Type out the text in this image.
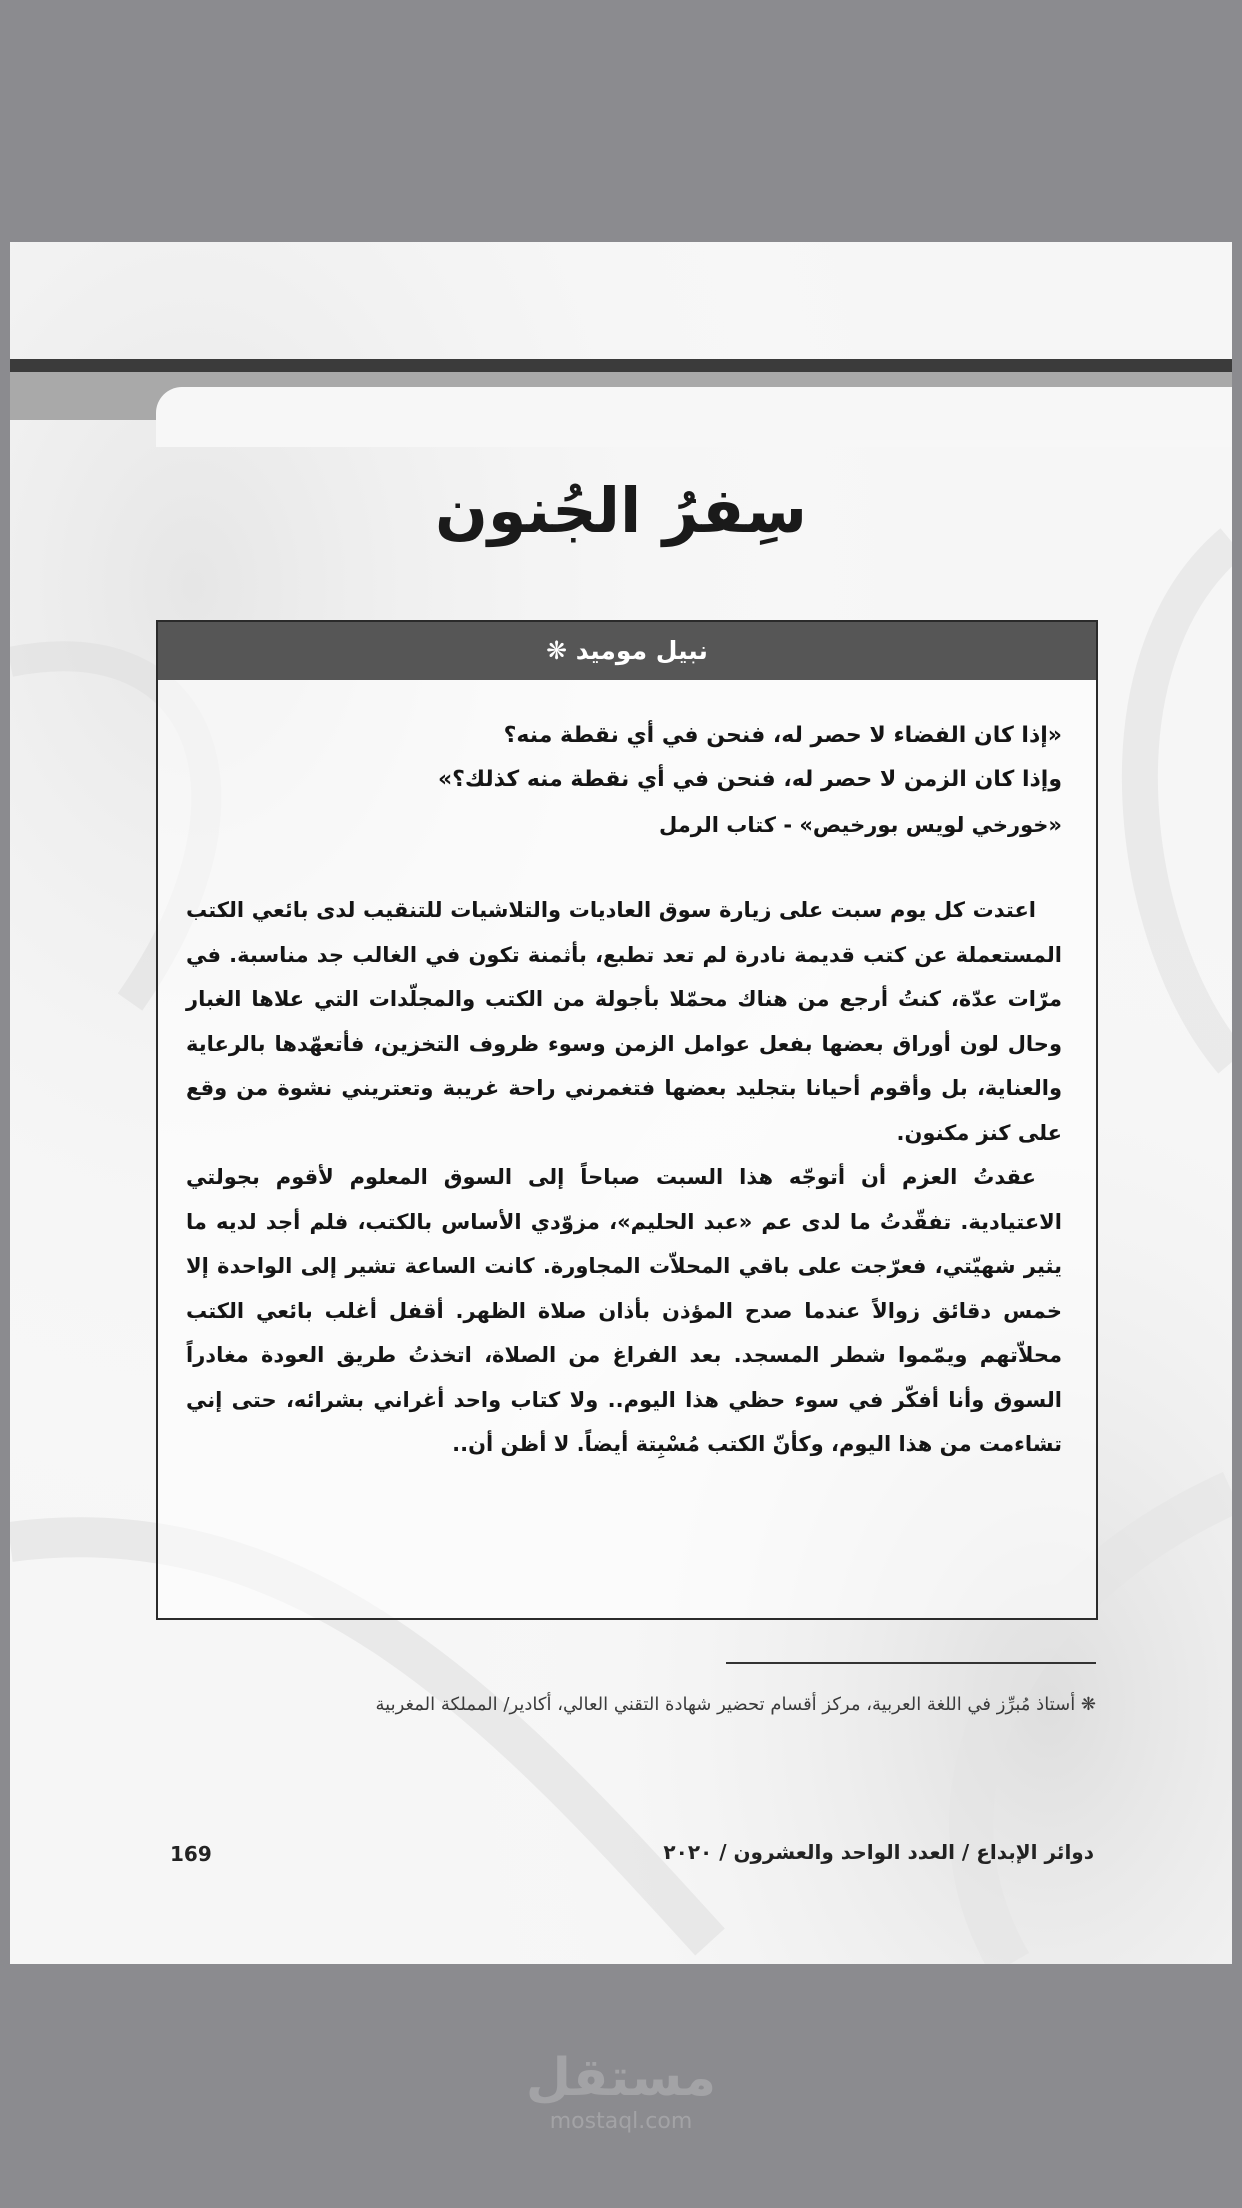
سِفرُ الجُنون
نبيل موميد ❋

«إذا كان الفضاء لا حصر له، فنحن في أي نقطة منه؟

وإذا كان الزمن لا حصر له، فنحن في أي نقطة منه كذلك؟»

«خورخي لويس بورخيص» - كتاب الرمل

اعتدت كل يوم سبت على زيارة سوق العاديات والتلاشيات للتنقيب لدى بائعي الكتب المستعملة عن كتب قديمة نادرة لم تعد تطبع، بأثمنة تكون في الغالب جد مناسبة. في مرّات عدّة، كنتُ أرجع من هناك محمّلا بأجولة من الكتب والمجلّدات التي علاها الغبار وحال لون أوراق بعضها بفعل عوامل الزمن وسوء ظروف التخزين، فأتعهّدها بالرعاية والعناية، بل وأقوم أحيانا بتجليد بعضها فتغمرني راحة غريبة وتعتريني نشوة من وقع على كنز مكنون.

عقدتُ العزم أن أتوجّه هذا السبت صباحاً إلى السوق المعلوم لأقوم بجولتي الاعتيادية. تفقّدتُ ما لدى عم «عبد الحليم»، مزوّدي الأساس بالكتب، فلم أجد لديه ما يثير شهيّتي، فعرّجت على باقي المحلاّت المجاورة. كانت الساعة تشير إلى الواحدة إلا خمس دقائق زوالاً عندما صدح المؤذن بأذان صلاة الظهر. أقفل أغلب بائعي الكتب محلاّتهم ويمّموا شطر المسجد. بعد الفراغ من الصلاة، اتخذتُ طريق العودة مغادراً السوق وأنا أفكّر في سوء حظي هذا اليوم.. ولا كتاب واحد أغراني بشرائه، حتى إني تشاءمت من هذا اليوم، وكأنّ الكتب مُسْبِتة أيضاً. لا أظن أن..

❋ أستاذ مُبرِّز في اللغة العربية، مركز أقسام تحضير شهادة التقني العالي، أكادير/ المملكة المغربية
169	دوائر الإبداع / العدد الواحد والعشرون / ٢٠٢٠
مستقل
mostaql.com
